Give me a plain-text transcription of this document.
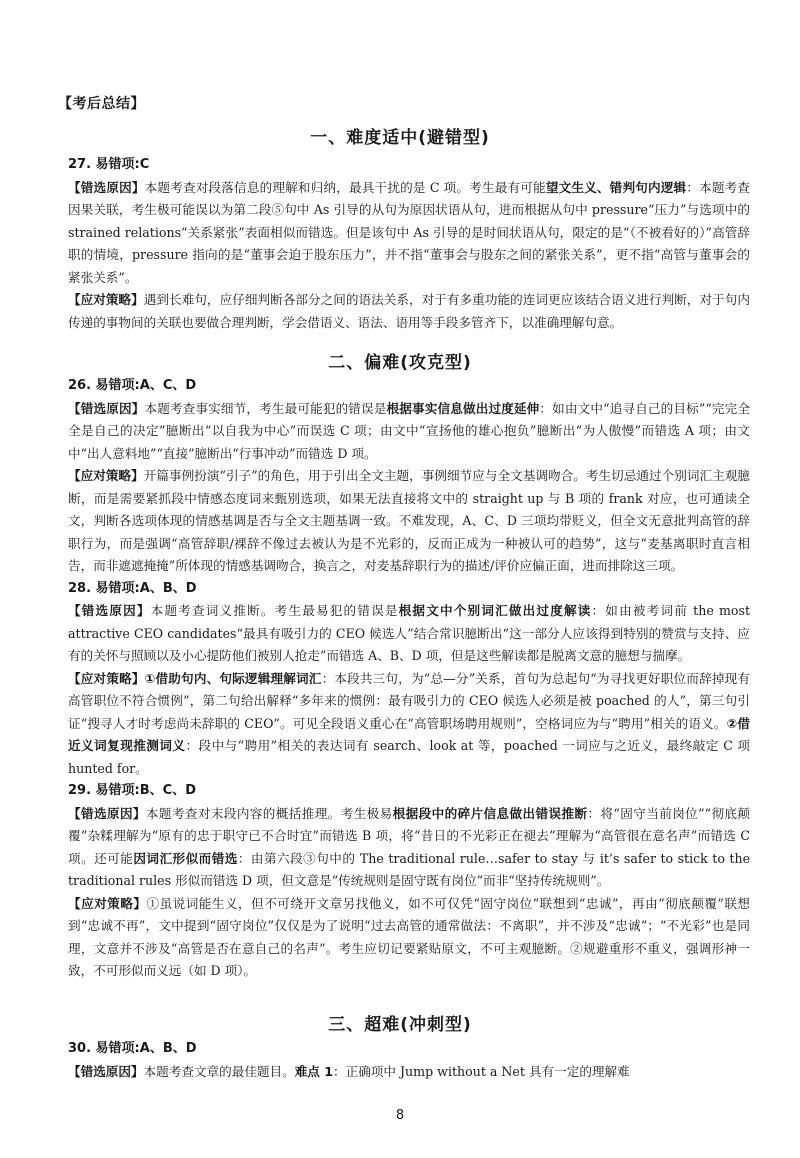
【考后总结】
一、难度适中(避错型)
27. 易错项:C

【错选原因】本题考查对段落信息的理解和归纳，最具干扰的是 C 项。考生最有可能望文生义、错判句内逻辑：本题考查因果关联，考生极可能误以为第二段⑤句中 As 引导的从句为原因状语从句，进而根据从句中 pressure“压力”与选项中的 strained relations“关系紧张”表面相似而错选。但是该句中 As 引导的是时间状语从句，限定的是“（不被看好的）”高管辞职的情境，pressure 指向的是“董事会迫于股东压力”，并不指“董事会与股东之间的紧张关系”，更不指“高管与董事会的紧张关系”。

【应对策略】遇到长难句，应仔细判断各部分之间的语法关系，对于有多重功能的连词更应该结合语义进行判断，对于句内传递的事物间的关联也要做合理判断，学会借语义、语法、语用等手段多管齐下，以准确理解句意。

二、偏难(攻克型)
26. 易错项:A、C、D

【错选原因】本题考查事实细节，考生最可能犯的错误是根据事实信息做出过度延伸：如由文中“追寻自己的目标”“完完全全是自己的决定”臆断出“以自我为中心”而误选 C 项；由文中“宣扬他的雄心抱负”臆断出“为人傲慢”而错选 A 项；由文中“出人意料地”“直接”臆断出“行事冲动”而错选 D 项。

【应对策略】开篇事例扮演“引子”的角色，用于引出全文主题，事例细节应与全文基调吻合。考生切忌通过个别词汇主观臆断，而是需要紧抓段中情感态度词来甄别选项，如果无法直接将文中的 straight up 与 B 项的 frank 对应，也可通读全文，判断各选项体现的情感基调是否与全文主题基调一致。不难发现，A、C、D 三项均带贬义，但全文无意批判高管的辞职行为，而是强调“高管辞职/裸辞不像过去被认为是不光彩的，反而正成为一种被认可的趋势”，这与“麦基离职时直言相告，而非遮遮掩掩”所体现的情感基调吻合，换言之，对麦基辞职行为的描述/评价应偏正面，进而排除这三项。

28. 易错项:A、B、D

【错选原因】本题考查词义推断。考生最易犯的错误是根据文中个别词汇做出过度解读：如由被考词前 the most attractive CEO candidates“最具有吸引力的 CEO 候选人”结合常识臆断出“这一部分人应该得到特别的赞赏与支持、应有的关怀与照顾以及小心提防他们被别人抢走”而错选 A、B、D 项，但是这些解读都是脱离文意的臆想与揣摩。

【应对策略】①借助句内、句际逻辑理解词汇：本段共三句，为“总—分”关系，首句为总起句“为寻找更好职位而辞掉现有高管职位不符合惯例”，第二句给出解释“多年来的惯例：最有吸引力的 CEO 候选人必须是被 poached 的人”，第三句引证“搜寻人才时考虑尚未辞职的 CEO”。可见全段语义重心在“高管职场聘用规则”，空格词应为与“聘用”相关的语义。②借近义词复现推测词义：段中与“聘用”相关的表达词有 search、look at 等，poached 一词应与之近义，最终敲定 C 项 hunted for。

29. 易错项:B、C、D

【错选原因】本题考查对末段内容的概括推理。考生极易根据段中的碎片信息做出错误推断：将“固守当前岗位”“彻底颠覆”杂糅理解为“原有的忠于职守已不合时宜”而错选 B 项，将“昔日的不光彩正在褪去”理解为“高管很在意名声”而错选 C 项。还可能因词汇形似而错选：由第六段③句中的 The traditional rule…safer to stay 与 it’s safer to stick to the traditional rules 形似而错选 D 项，但文意是“传统规则是固守既有岗位”而非“坚持传统规则”。

【应对策略】①虽说词能生义，但不可绕开文章另找他义，如不可仅凭“固守岗位”联想到“忠诚”，再由“彻底颠覆”联想到“忠诚不再”，文中提到“固守岗位”仅仅是为了说明“过去高管的通常做法：不离职”，并不涉及“忠诚”；“不光彩”也是同理，文意并不涉及“高管是否在意自己的名声”。考生应切记要紧贴原文，不可主观臆断。②规避重形不重义，强调形神一致，不可形似而义远（如 D 项）。

三、超难(冲刺型)
30. 易错项:A、B、D

【错选原因】本题考查文章的最佳题目。难点 1：正确项中 Jump without a Net 具有一定的理解难

8
